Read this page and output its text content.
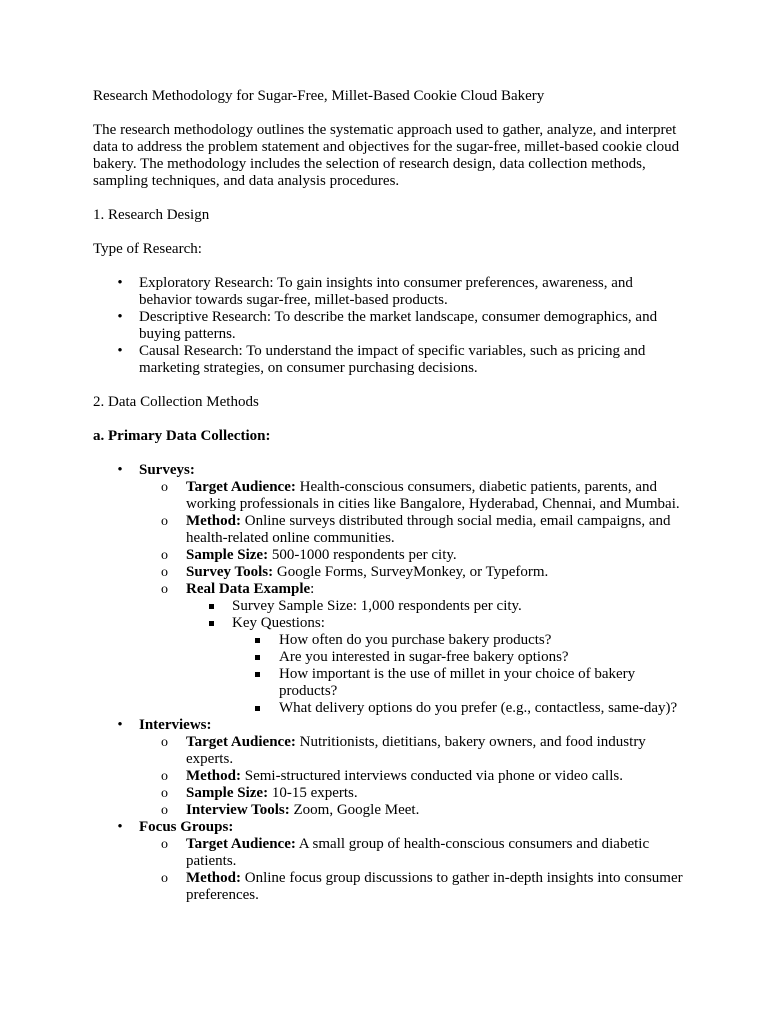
Research Methodology for Sugar-Free, Millet-Based Cookie Cloud Bakery

The research methodology outlines the systematic approach used to gather, analyze, and interpret data to address the problem statement and objectives for the sugar-free, millet-based cookie cloud bakery. The methodology includes the selection of research design, data collection methods, sampling techniques, and data analysis procedures.

1. Research Design

Type of Research:

• Exploratory Research: To gain insights into consumer preferences, awareness, and behavior towards sugar-free, millet-based products.
• Descriptive Research: To describe the market landscape, consumer demographics, and buying patterns.
• Causal Research: To understand the impact of specific variables, such as pricing and marketing strategies, on consumer purchasing decisions.

2. Data Collection Methods

a. Primary Data Collection:

• Surveys:
o Target Audience: Health-conscious consumers, diabetic patients, parents, and working professionals in cities like Bangalore, Hyderabad, Chennai, and Mumbai.
o Method: Online surveys distributed through social media, email campaigns, and health-related online communities.
o Sample Size: 500-1000 respondents per city.
o Survey Tools: Google Forms, SurveyMonkey, or Typeform.
o Real Data Example:
Survey Sample Size: 1,000 respondents per city.
Key Questions:
How often do you purchase bakery products?
Are you interested in sugar-free bakery options?
How important is the use of millet in your choice of bakery products?
What delivery options do you prefer (e.g., contactless, same-day)?
• Interviews:
o Target Audience: Nutritionists, dietitians, bakery owners, and food industry experts.
o Method: Semi-structured interviews conducted via phone or video calls.
o Sample Size: 10-15 experts.
o Interview Tools: Zoom, Google Meet.
• Focus Groups:
o Target Audience: A small group of health-conscious consumers and diabetic patients.
o Method: Online focus group discussions to gather in-depth insights into consumer preferences.
